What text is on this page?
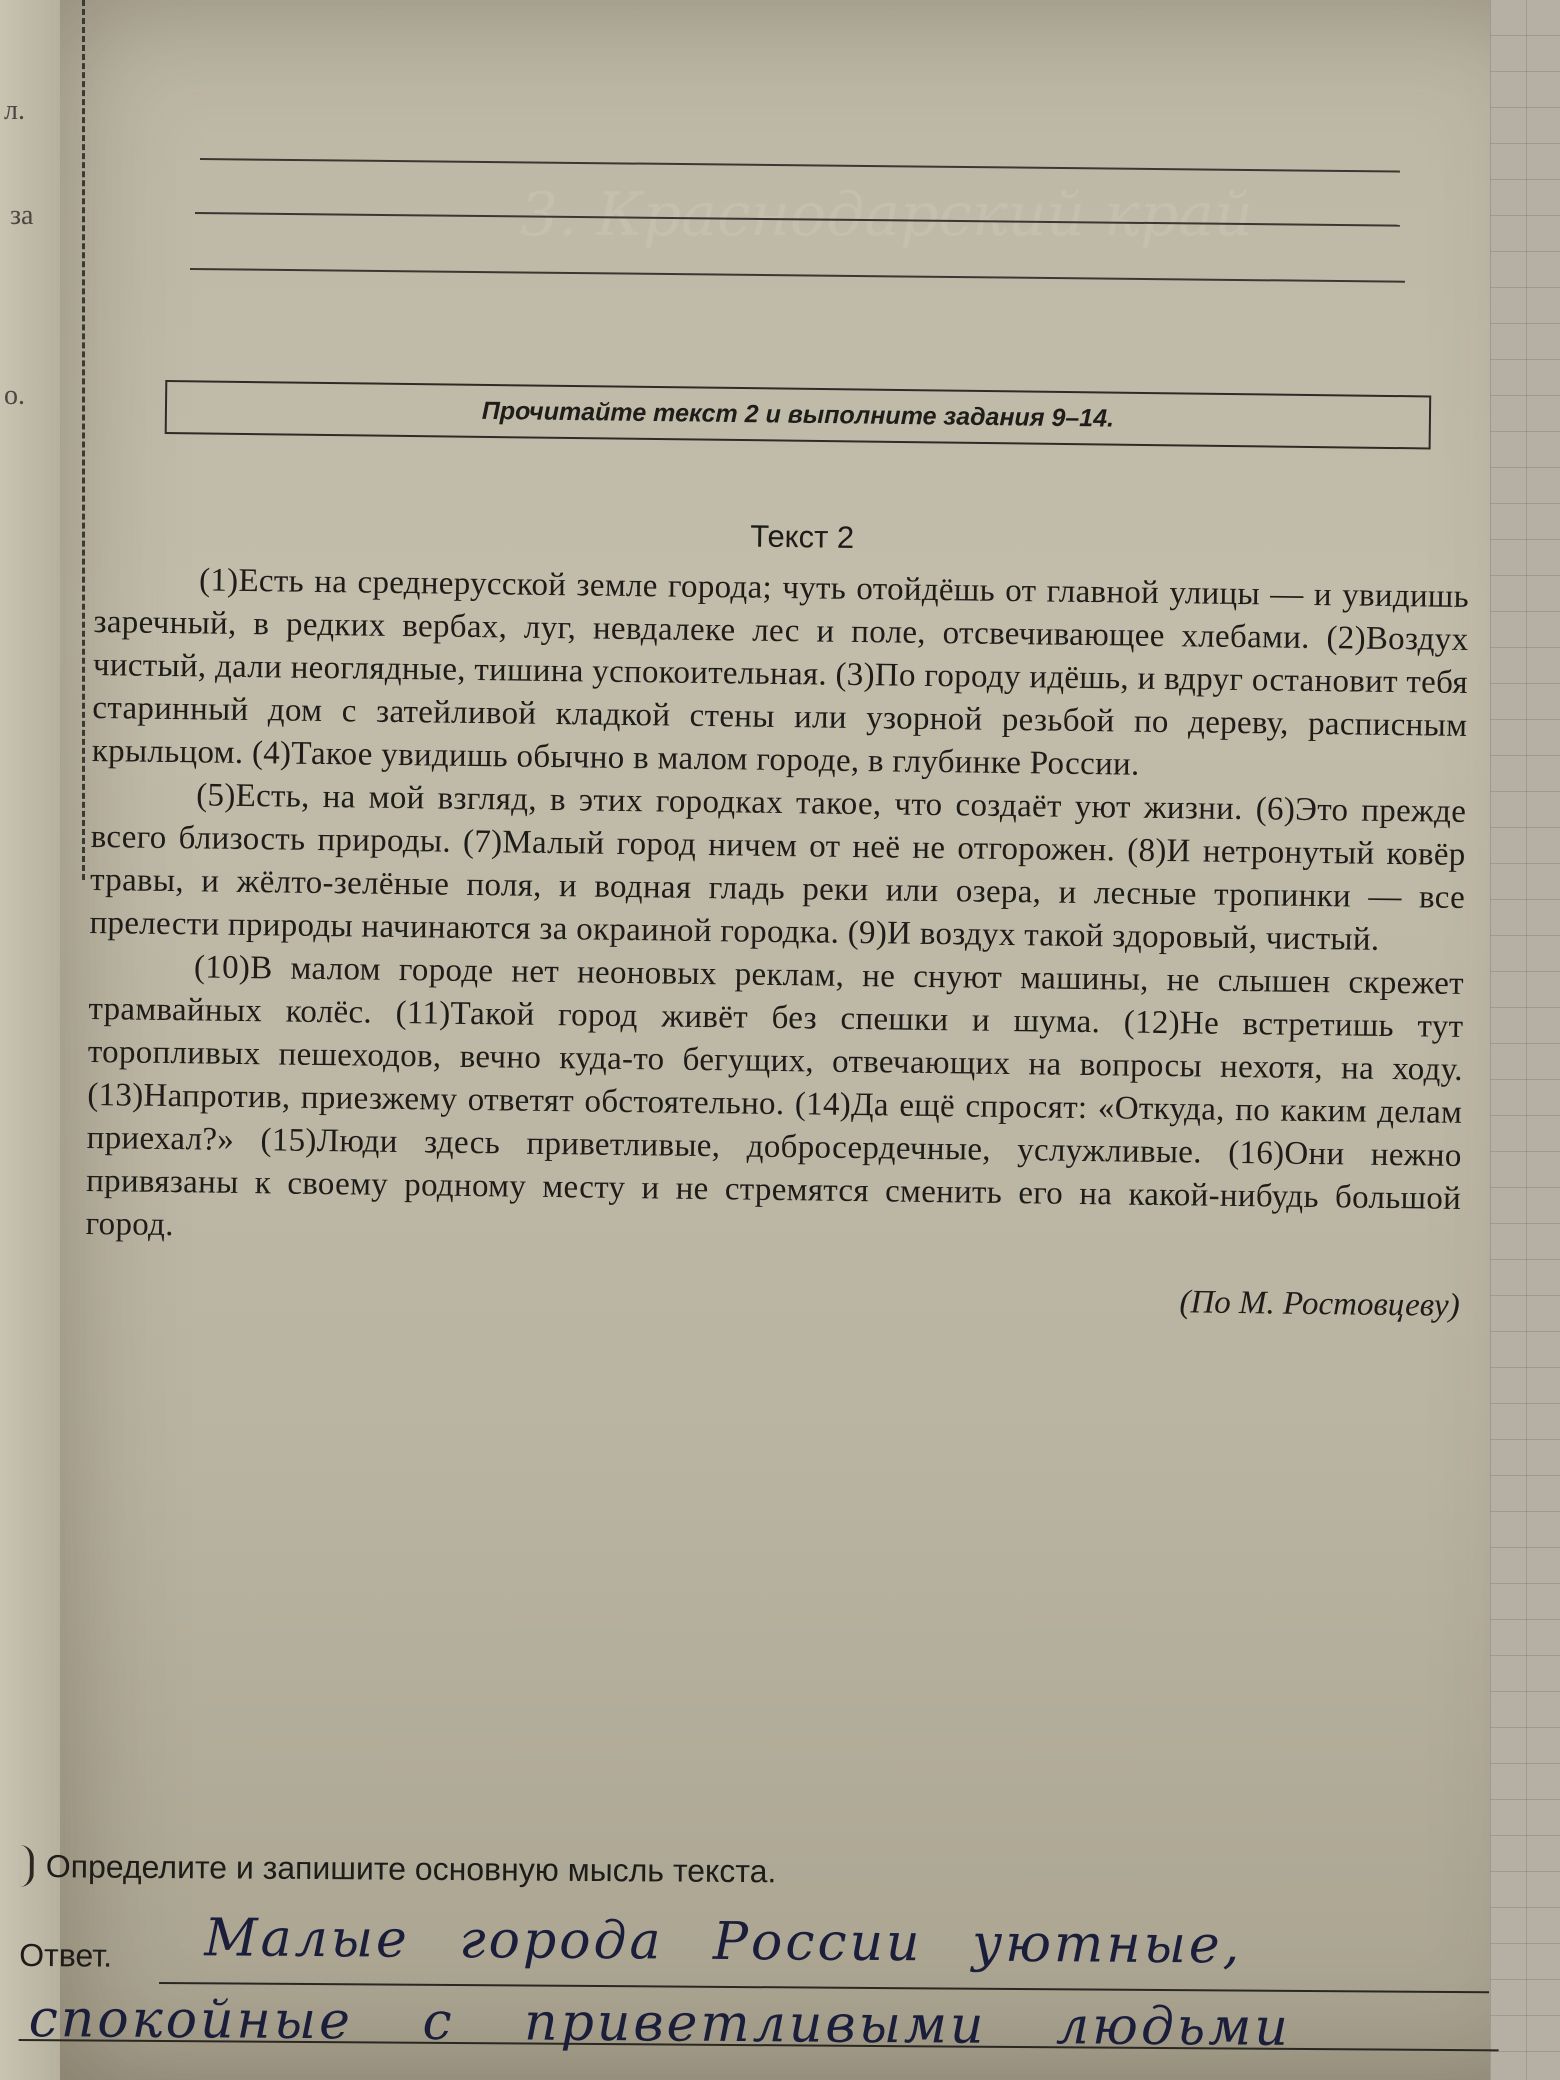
л.
за
о.
3. Краснодарский край
Прочитайте текст 2 и выполните задания 9–14.
Текст 2

(1)Есть на среднерусской земле города; чуть отойдёшь от главной улицы — и увидишь заречный, в редких вербах, луг, невдалеке лес и поле, отсвечивающее хлебами. (2)Воздух чистый, дали неоглядные, тишина успокоительная. (3)По городу идёшь, и вдруг остановит тебя старинный дом с затейливой кладкой стены или узорной резьбой по дереву, расписным крыльцом. (4)Такое увидишь обычно в малом городе, в глубинке России.

(5)Есть, на мой взгляд, в этих городках такое, что создаёт уют жизни. (6)Это прежде всего близость природы. (7)Малый город ничем от неё не отгорожен. (8)И нетронутый ковёр травы, и жёлто-зелёные поля, и водная гладь реки или озера, и лесные тропинки — все прелести природы начинаются за окраиной городка. (9)И воздух такой здоровый, чистый.

(10)В малом городе нет неоновых реклам, не снуют машины, не слышен скрежет трамвайных колёс. (11)Такой город живёт без спешки и шума. (12)Не встретишь тут торопливых пешеходов, вечно куда-то бегущих, отвечающих на вопросы нехотя, на ходу. (13)Напротив, приезжему ответят обстоятельно. (14)Да ещё спросят: «Откуда, по каким делам приехал?» (15)Люди здесь приветливые, добросердечные, услужливые. (16)Они нежно привязаны к своему родному месту и не стремятся сменить его на какой-нибудь большой город.

(По М. Ростовцеву)
Определите и запишите основную мысль текста.
Ответ. Малые города России уютные,
спокойные с приветливыми людьми
